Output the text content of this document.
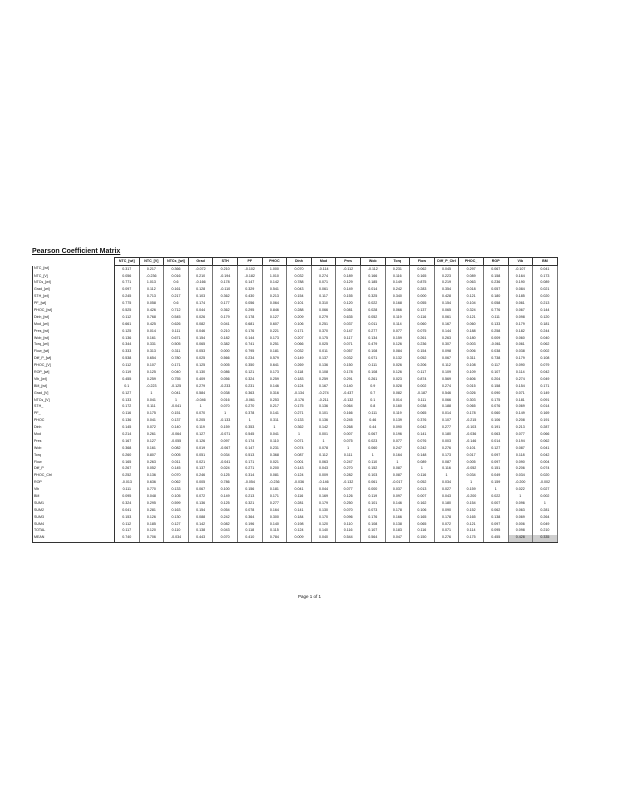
Pearson Coefficient Matrix
	NTC_[wt]	NTC_[V]	NTCs_[wt]	Grad	STH	PF	PHOC	Dinh	Mod	Pres	Wob	Torq	Flow	Diff_P_Ctrl	PHOC_	ROP	Vib	BM
NTC_[wt]	0.317	0.217	0.366	-0.072	0.210	-0.102	1.000	0.070	-0.114	-0.112	-0.112	0.231	0.062	0.045	0.297	0.067	-0.107	0.041
NTC_[V]	0.056	-0.236	0.016	0.210	-0.194	-0.182	1.010	0.032	0.274	0.189	0.166	0.116	0.165	0.223	0.089	0.158	0.164	0.173
NTCs_[wt]	0.771	1.013	0.6	-0.166	0.178	0.147	0.142	0.788	0.071	0.129	0.185	0.149	0.875	0.219	0.063	0.236	0.190	0.089
Grad_[wt]	0.097	0.112	0.161	0.128	-0.110	0.329	0.541	0.043	0.061	0.149	0.014	0.242	0.283	0.354	0.018	0.057	0.084	0.021
STH_[wt]	0.245	0.713	0.217	0.103	0.362	0.430	0.213	0.154	0.117	0.155	0.325	0.340	0.000	0.428	0.121	0.180	0.185	0.020
PF_[wt]	0.775	0.058	0.6	0.174	0.177	0.056	0.064	0.101	0.310	0.120	0.022	0.168	0.055	0.154	0.104	0.058	0.061	0.213
PHOC_[wt]	0.525	0.426	0.712	0.044	0.362	0.295	0.846	0.288	0.066	0.081	0.028	0.066	0.137	0.065	0.324	0.776	0.067	0.144
Dinh_[wt]	0.112	0.768	0.545	0.026	0.179	0.178	0.127	0.209	0.279	0.635	0.052	0.119	0.116	0.061	0.121	0.111	0.098	0.120
Mod_[wt]	0.661	0.425	0.626	0.082	0.041	0.681	0.607	0.106	0.251	0.037	0.011	0.114	0.060	0.167	0.060	0.133	0.179	0.181
Pres_[wt]	0.125	0.014	0.111	0.046	0.210	0.176	0.221	0.171	0.370	0.147	0.277	0.077	0.075	0.144	0.188	0.258	0.182	0.244
Wob_[wt]	0.136	0.161	0.671	0.154	0.182	0.144	0.173	0.207	0.175	0.117	0.134	0.159	0.261	0.263	0.180	0.009	0.060	0.040
Torq_[wt]	0.344	0.331	0.505	0.065	0.382	0.741	0.251	0.066	0.025	0.071	0.479	0.126	0.236	0.307	0.003	-0.061	0.061	0.062
Flow_[wt]	0.333	0.313	0.311	0.053	0.000	0.795	0.181	0.032	0.011	0.057	0.108	0.084	0.154	0.098	0.006	0.038	0.038	0.002
Diff_P_[wt]	0.538	0.654	0.780	0.025	0.566	0.234	0.579	0.149	0.137	0.032	0.071	0.132	0.052	0.067	0.311	0.738	0.179	0.108
PHOC_[V]	0.112	0.107	0.171	0.125	0.005	0.350	0.641	0.269	0.136	0.150	0.111	0.026	0.206	0.112	0.108	0.117	0.090	0.079
ROP_[wt]	0.119	0.125	0.040	0.130	0.086	0.121	0.173	0.118	0.108	0.178	0.108	0.126	0.117	0.109	0.109	0.107	0.114	0.042
Vib_[wt]	0.455	0.259	0.755	0.409	0.056	0.324	0.259	0.183	0.259	0.291	0.261	0.023	0.874	0.569	0.606	0.204	0.274	0.049
BM_[wt]	0.1	-0.223	-0.125	0.279	-0.233	0.231	0.146	0.124	0.167	0.140	0.9	0.028	0.002	0.274	0.015	0.158	0.154	0.171
Grad_[V]	0.127	1	0.041	0.584	0.038	0.363	0.316	-0.134	-0.274	-0.437	0.7	0.082	-0.187	0.546	0.026	0.090	0.071	0.149
NTCs_[V]	0.133	0.041	1	-0.046	0.016	-0.061	0.253	-0.176	-0.211	-0.132	0.1	0.014	0.111	0.066	0.303	0.175	0.181	0.091
STH_	0.172	0.111	-0.041	1	0.070	0.270	0.217	0.175	0.136	0.064	0.8	0.160	0.038	0.188	0.065	0.076	0.069	0.014
PF_	0.116	0.175	0.151	0.070	1	0.378	0.141	0.271	0.101	0.166	0.111	0.119	0.065	0.014	0.178	0.060	0.149	0.169
PHOC	0.136	0.041	0.137	0.205	-0.133	1	0.311	0.133	0.136	0.245	0.46	0.139	0.376	0.107	-0.215	0.106	0.208	0.191
Dinh	0.145	0.072	0.140	0.119	0.159	0.353	1	0.362	0.142	0.268	0.44	0.090	0.042	0.277	-0.103	0.191	0.213	0.287
Mod	0.214	0.261	-0.064	0.127	-0.071	0.545	0.041	1	0.001	0.007	0.067	0.196	0.141	0.180	-0.036	0.063	0.077	0.066
Pres	0.167	0.127	-0.055	0.126	0.097	0.174	0.110	0.071	1	0.075	0.023	0.077	0.076	0.003	-0.146	0.014	0.194	0.062
Wob	0.368	0.161	0.082	0.019	-0.067	0.147	0.231	0.074	0.078	1	0.060	0.247	0.242	0.276	0.101	0.127	0.087	0.041
Torq	0.260	0.807	0.005	0.051	0.034	0.513	0.368	0.087	0.112	0.111	1	0.164	0.148	0.173	0.017	0.097	0.118	0.042
Flow	0.165	0.263	0.011	0.021	-0.041	0.171	0.021	0.001	0.063	0.247	0.110	1	0.089	0.087	0.005	0.097	0.090	0.004
Diff_P	0.267	0.052	0.145	0.137	0.024	0.271	0.200	0.143	0.043	0.270	0.152	0.087	1	0.116	-0.052	0.151	0.206	0.074
PHOC_Ctrl	0.252	0.136	0.070	0.246	0.125	0.314	0.081	0.124	0.009	0.282	0.103	0.087	0.116	1	0.034	0.049	0.034	0.020
ROP	-0.013	0.636	0.062	0.005	0.786	-0.054	-0.236	-0.036	-0.146	-0.132	0.061	-0.017	0.052	0.034	1	0.159	-0.200	-0.002
Vib	0.111	0.770	0.133	0.067	0.100	0.156	0.181	0.041	0.044	0.077	0.000	0.037	0.013	0.027	0.159	1	0.022	0.027
BM	0.095	0.048	0.105	0.072	0.149	0.213	0.171	0.116	0.169	0.126	0.119	0.097	0.007	0.043	-0.200	0.022	1	0.002
SUM1	0.324	0.295	0.599	0.136	0.125	0.321	0.277	0.281	0.179	0.250	0.101	0.146	0.162	0.180	0.154	0.007	0.096	1
SUM2	0.041	0.281	0.163	0.154	0.054	0.078	0.164	0.141	0.130	0.070	0.073	0.178	0.106	0.090	0.152	0.062	0.063	0.281
SUM3	0.153	0.126	0.130	0.088	0.242	0.364	0.300	0.184	0.170	0.096	0.176	0.166	0.165	0.178	0.165	0.138	0.069	0.264
SUM4	0.112	0.185	0.127	0.142	0.082	0.196	0.140	0.198	0.120	0.110	0.108	0.138	0.065	0.072	0.121	0.097	0.006	0.049
TOTAL	0.117	0.120	0.110	0.138	0.043	0.118	0.115	0.124	0.140	0.116	0.107	0.183	0.116	0.071	0.114	0.095	0.098	0.210
MEAN	0.740	0.706	-0.034	0.443	0.070	0.410	0.784	0.009	0.040	0.544	0.564	0.047	0.150	0.276	0.175	0.455	0.428	0.335
Page 1 of 1
